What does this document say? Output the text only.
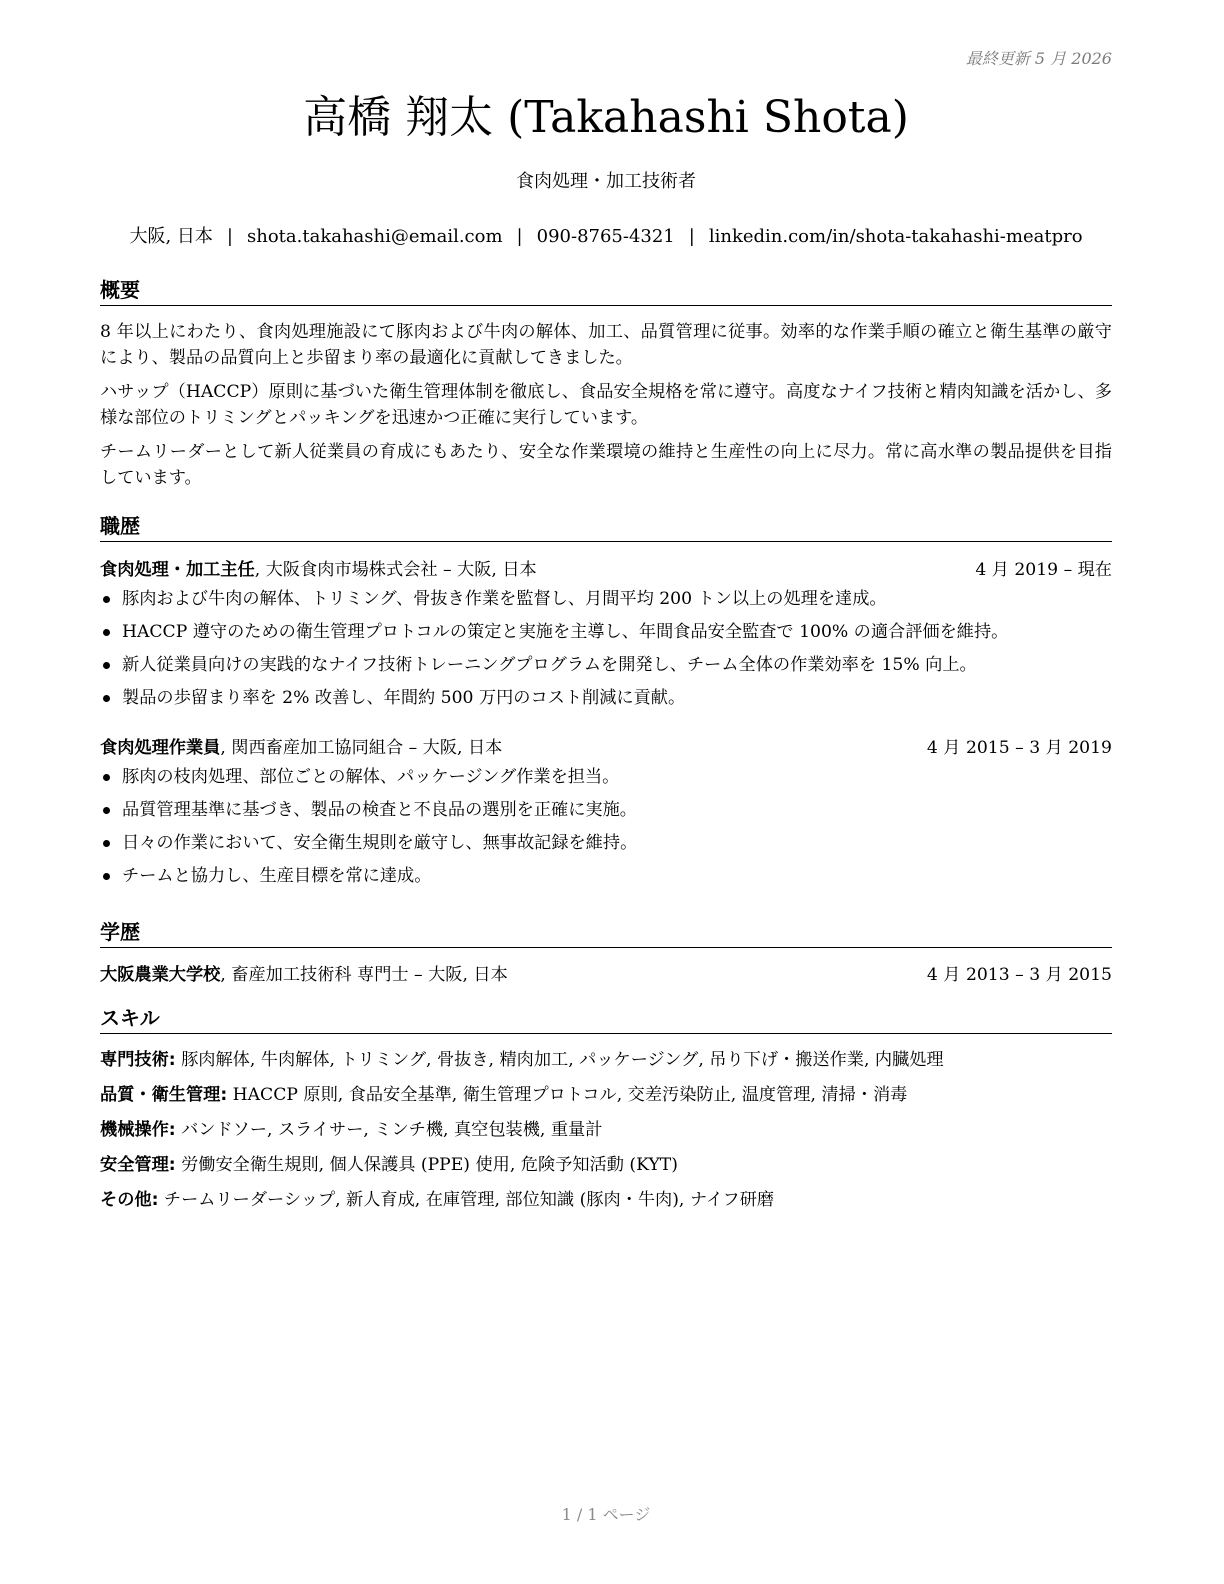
最終更新 5 月 2026
高橋 翔太 (Takahashi Shota)
食肉処理・加工技術者
大阪, 日本 | shota.takahashi@email.com | 090-8765-4321 | linkedin.com/in/shota-takahashi-meatpro
概要

8 年以上にわたり、食肉処理施設にて豚肉および牛肉の解体、加工、品質管理に従事。効率的な作業手順の確立と衛生基準の厳守により、製品の品質向上と歩留まり率の最適化に貢献してきました。

ハサップ（HACCP）原則に基づいた衛生管理体制を徹底し、食品安全規格を常に遵守。高度なナイフ技術と精肉知識を活かし、多様な部位のトリミングとパッキングを迅速かつ正確に実行しています。

チームリーダーとして新人従業員の育成にもあたり、安全な作業環境の維持と生産性の向上に尽力。常に高水準の製品提供を目指しています。

職歴
食肉処理・加工主任, 大阪食肉市場株式会社 – 大阪, 日本	4 月 2019 – 現在
豚肉および牛肉の解体、トリミング、骨抜き作業を監督し、月間平均 200 トン以上の処理を達成。
HACCP 遵守のための衛生管理プロトコルの策定と実施を主導し、年間食品安全監査で 100% の適合評価を維持。
新人従業員向けの実践的なナイフ技術トレーニングプログラムを開発し、チーム全体の作業効率を 15% 向上。
製品の歩留まり率を 2% 改善し、年間約 500 万円のコスト削減に貢献。
食肉処理作業員, 関西畜産加工協同組合 – 大阪, 日本	4 月 2015 – 3 月 2019
豚肉の枝肉処理、部位ごとの解体、パッケージング作業を担当。
品質管理基準に基づき、製品の検査と不良品の選別を正確に実施。
日々の作業において、安全衛生規則を厳守し、無事故記録を維持。
チームと協力し、生産目標を常に達成。
学歴
大阪農業大学校, 畜産加工技術科 専門士 – 大阪, 日本	4 月 2013 – 3 月 2015
スキル
専門技術: 豚肉解体, 牛肉解体, トリミング, 骨抜き, 精肉加工, パッケージング, 吊り下げ・搬送作業, 内臓処理
品質・衛生管理: HACCP 原則, 食品安全基準, 衛生管理プロトコル, 交差汚染防止, 温度管理, 清掃・消毒
機械操作: バンドソー, スライサー, ミンチ機, 真空包装機, 重量計
安全管理: 労働安全衛生規則, 個人保護具 (PPE) 使用, 危険予知活動 (KYT)
その他: チームリーダーシップ, 新人育成, 在庫管理, 部位知識 (豚肉・牛肉), ナイフ研磨
1 / 1 ページ
